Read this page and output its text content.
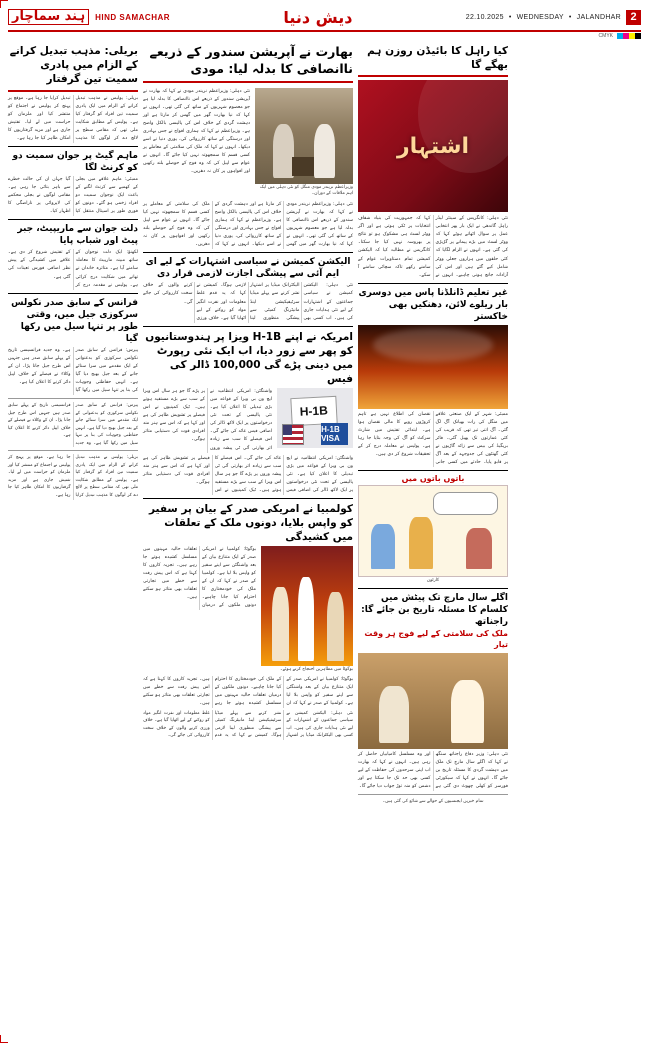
ہند سماچار	HIND SAMACHAR	دیش دنیا	22.10.2025 • WEDNESDAY • JALANDHAR 2
CMYK
بریلی: مذہب تبدیل کرانے کے الزام میں پادری سمیت تین گرفتار
بریلی: پولیس نے مذہب تبدیل کرانے کے الزام میں ایک پادری سمیت تین افراد کو گرفتار کیا ہے۔ پولیس کے مطابق شکایت ملی تھی کہ مقامی سطح پر لالچ دے کر لوگوں کا مذہب تبدیل کرایا جا رہا ہے۔ موقع پر پہنچ کر پولیس نے اجتماع کو منتشر کیا اور ملزمان کو حراست میں لے لیا۔ تفتیش جاری ہے اور مزید گرفتاریوں کا امکان ظاہر کیا جا رہا ہے۔
ماہم گیٹ پر جوان سمیت دو کو کرنٹ لگا
ممبئی: ماہم علاقے میں بجلی کے کھمبے سے کرنٹ لگنے کے باعث ایک نوجوان سمیت دو افراد زخمی ہو گئے۔ دونوں کو فوری طور پر اسپتال منتقل کیا گیا جہاں ان کی حالت خطرے سے باہر بتائی جا رہی ہے۔ مقامی لوگوں نے بجلی محکمے کی لاپروائی پر ناراضگی کا اظہار کیا۔
دلت جوان سے ماریپیٹ، جبر پیٹ اور شباب پایا
لکھنؤ: ایک دلت نوجوان کے ساتھ مبینہ مارپیٹ کا معاملہ سامنے آیا ہے۔ متاثرہ خاندان نے تھانے میں شکایت درج کرائی ہے۔ پولیس نے مقدمہ درج کر کے تفتیش شروع کر دی ہے۔ علاقے میں کشیدگی کے پیش نظر اضافی فورس تعینات کی گئی ہے۔
فرانس کے سابق صدر نکولس سرکوزی جیل میں، وقتی طور پر تنہا سیل میں رکھا گیا
پیرس: فرانس کے سابق صدر نکولس سرکوزی کو بدعنوانی کے ایک مقدمے میں سزا سنائے جانے کے بعد جیل بھیج دیا گیا ہے۔ انہیں حفاظتی وجوہات کی بنا پر تنہا سیل میں رکھا گیا ہے۔ وہ جدید فرانسیسی تاریخ کے پہلے سابق صدر ہیں جنہیں اس طرح جیل جانا پڑا۔ ان کے وکلاء نے فیصلے کے خلاف اپیل دائر کرنے کا اعلان کیا ہے۔
پیرس: فرانس کے سابق صدر نکولس سرکوزی کو بدعنوانی کے ایک مقدمے میں سزا سنائے جانے کے بعد جیل بھیج دیا گیا ہے۔ انہیں حفاظتی وجوہات کی بنا پر تنہا سیل میں رکھا گیا ہے۔ وہ جدید فرانسیسی تاریخ کے پہلے سابق صدر ہیں جنہیں اس طرح جیل جانا پڑا۔ ان کے وکلاء نے فیصلے کے خلاف اپیل دائر کرنے کا اعلان کیا ہے۔
بریلی: پولیس نے مذہب تبدیل کرانے کے الزام میں ایک پادری سمیت تین افراد کو گرفتار کیا ہے۔ پولیس کے مطابق شکایت ملی تھی کہ مقامی سطح پر لالچ دے کر لوگوں کا مذہب تبدیل کرایا جا رہا ہے۔ موقع پر پہنچ کر پولیس نے اجتماع کو منتشر کیا اور ملزمان کو حراست میں لے لیا۔ تفتیش جاری ہے اور مزید گرفتاریوں کا امکان ظاہر کیا جا رہا ہے۔
بھارت نے آپریشن سندور کے ذریعے ناانصافی کا بدلہ لیا: مودی
نئی دہلی: وزیراعظم نریندر مودی نے کہا کہ بھارت نے آپریشن سندور کے ذریعے اس ناانصافی کا بدلہ لیا ہے جو معصوم شہریوں کے ساتھ کی گئی تھی۔ انہوں نے کہا کہ نیا بھارت گھر میں گھس کر مارتا ہے اور دہشت گردی کے خلاف اس کی پالیسی بالکل واضح ہے۔ وزیراعظم نے کہا کہ ہماری افواج نے جس بہادری اور درستگی کے ساتھ کارروائی کی، پوری دنیا نے اسے دیکھا۔ انہوں نے کہا کہ ملک کی سلامتی کے معاملے پر کسی قسم کا سمجھوتہ نہیں کیا جائے گا۔ انہوں نے عوام سے اپیل کی کہ وہ فوج کے حوصلے بلند رکھیں اور افواہوں پر کان نہ دھریں۔
وزیراعظم نریندر مودی منگل کو نئی دہلی میں ایک اہم ملاقات کے دوران۔
نئی دہلی: وزیراعظم نریندر مودی نے کہا کہ بھارت نے آپریشن سندور کے ذریعے اس ناانصافی کا بدلہ لیا ہے جو معصوم شہریوں کے ساتھ کی گئی تھی۔ انہوں نے کہا کہ نیا بھارت گھر میں گھس کر مارتا ہے اور دہشت گردی کے خلاف اس کی پالیسی بالکل واضح ہے۔ وزیراعظم نے کہا کہ ہماری افواج نے جس بہادری اور درستگی کے ساتھ کارروائی کی، پوری دنیا نے اسے دیکھا۔ انہوں نے کہا کہ ملک کی سلامتی کے معاملے پر کسی قسم کا سمجھوتہ نہیں کیا جائے گا۔ انہوں نے عوام سے اپیل کی کہ وہ فوج کے حوصلے بلند رکھیں اور افواہوں پر کان نہ دھریں۔
الیکشن کمیشن نے سیاسی اشتہارات کے لیے ای ایم آئی سے پیشگی اجازت لازمی قرار دی
نئی دہلی: الیکشن کمیشن نے سیاسی جماعتوں کے اشتہارات کے لیے نئی ہدایات جاری کی ہیں۔ اب کسی بھی الیکٹرانک میڈیا پر اشتہار نشر کرنے سے پہلے میڈیا سرٹیفیکیشن اینڈ مانیٹرنگ کمیٹی سے پیشگی منظوری لینا لازمی ہوگا۔ کمیشن نے کہا کہ یہ قدم غلط معلومات اور نفرت انگیز مواد کو روکنے کے لیے اٹھایا گیا ہے۔ خلاف ورزی کرنے والوں کے خلاف سخت کارروائی کی جائے گی۔
امریکہ نے اپنے H-1B ویزا پر ہندوستانیوں کو پھر سے زور دیا، اب ایک نئی رپورٹ میں دینی پڑے گی 100,000 ڈالر کی فیس
واشنگٹن: امریکی انتظامیہ نے ایچ ون بی ویزا کے قواعد میں بڑی تبدیلی کا اعلان کیا ہے۔ نئی پالیسی کے تحت نئی درخواستوں پر ایک لاکھ ڈالر کی اضافی فیس عائد کی جائے گی۔ اس فیصلے کا سب سے زیادہ اثر بھارتی آئی ٹی پیشہ وروں پر پڑے گا جو ہر سال اس ویزا کے سب سے بڑے مستفید ہوتے ہیں۔ ٹیک کمپنیوں نے اس فیصلے پر تشویش ظاہر کی ہے اور کہا ہے کہ اس سے ہنر مند افرادی قوت کی دستیابی متاثر ہوگی۔
H-1B
H-1B VISA
واشنگٹن: امریکی انتظامیہ نے ایچ ون بی ویزا کے قواعد میں بڑی تبدیلی کا اعلان کیا ہے۔ نئی پالیسی کے تحت نئی درخواستوں پر ایک لاکھ ڈالر کی اضافی فیس عائد کی جائے گی۔ اس فیصلے کا سب سے زیادہ اثر بھارتی آئی ٹی پیشہ وروں پر پڑے گا جو ہر سال اس ویزا کے سب سے بڑے مستفید ہوتے ہیں۔ ٹیک کمپنیوں نے اس فیصلے پر تشویش ظاہر کی ہے اور کہا ہے کہ اس سے ہنر مند افرادی قوت کی دستیابی متاثر ہوگی۔
کولمبیا نے امریکی صدر کے بیان پر سفیر کو واپس بلایا، دونوں ملک کے تعلقات میں کشیدگی
بوگوٹا: کولمبیا نے امریکی صدر کے ایک متنازع بیان کے بعد واشنگٹن سے اپنے سفیر کو واپس بلا لیا ہے۔ کولمبیا کے صدر نے کہا کہ ان کے ملک کی خودمختاری کا احترام کیا جانا چاہیے۔ دونوں ملکوں کے درمیان تعلقات حالیہ مہینوں میں مسلسل کشیدہ ہوتے جا رہے ہیں۔ تجزیہ کاروں کا کہنا ہے کہ اس پیش رفت سے خطے میں تجارتی تعلقات بھی متاثر ہو سکتے ہیں۔
بوگوٹا میں مظاہرین احتجاج کرتے ہوئے۔
بوگوٹا: کولمبیا نے امریکی صدر کے ایک متنازع بیان کے بعد واشنگٹن سے اپنے سفیر کو واپس بلا لیا ہے۔ کولمبیا کے صدر نے کہا کہ ان کے ملک کی خودمختاری کا احترام کیا جانا چاہیے۔ دونوں ملکوں کے درمیان تعلقات حالیہ مہینوں میں مسلسل کشیدہ ہوتے جا رہے ہیں۔ تجزیہ کاروں کا کہنا ہے کہ اس پیش رفت سے خطے میں تجارتی تعلقات بھی متاثر ہو سکتے ہیں۔
نئی دہلی: الیکشن کمیشن نے سیاسی جماعتوں کے اشتہارات کے لیے نئی ہدایات جاری کی ہیں۔ اب کسی بھی الیکٹرانک میڈیا پر اشتہار نشر کرنے سے پہلے میڈیا سرٹیفیکیشن اینڈ مانیٹرنگ کمیٹی سے پیشگی منظوری لینا لازمی ہوگا۔ کمیشن نے کہا کہ یہ قدم غلط معلومات اور نفرت انگیز مواد کو روکنے کے لیے اٹھایا گیا ہے۔ خلاف ورزی کرنے والوں کے خلاف سخت کارروائی کی جائے گی۔
کیا راہل کا بائیڈن روزن ہم بھگے گا
اشتہار
نئی دہلی: کانگریس کے سینئر لیڈر راہل گاندھی نے ایک بار پھر انتخابی عمل پر سوال اٹھاتے ہوئے کہا کہ ووٹر لسٹ میں بڑے پیمانے پر گڑبڑی کی گئی ہے۔ انہوں نے الزام لگایا کہ کئی حلقوں میں ہزاروں جعلی ووٹر شامل کیے گئے ہیں اور اس کی آزادانہ جانچ ہونی چاہیے۔ انہوں نے کہا کہ جمہوریت کی بنیاد شفاف انتخابات پر ٹکی ہوتی ہے اور اگر ووٹر لسٹ ہی مشکوک ہو تو نتائج پر بھروسہ نہیں کیا جا سکتا۔ کانگریس نے مطالبہ کیا کہ الیکشن کمیشن تمام دستاویزات عوام کے سامنے رکھے تاکہ سچائی سامنے آ سکے۔
غیر تعلیم ڈانلڈنا پاس میں دوسری بار ریلوے لائن، دھنکیں بھی خاکستر
ممبئی: شہر کے ایک صنعتی علاقے میں منگل کی رات بھیانک آگ لگ گئی۔ آگ اتنی تیز تھی کہ قریب کی کئی عمارتوں تک پھیل گئی۔ فائر بریگیڈ کی بیس سے زائد گاڑیوں نے کئی گھنٹوں کی جدوجہد کے بعد آگ پر قابو پایا۔ حادثے میں کسی جانی نقصان کی اطلاع نہیں ہے تاہم کروڑوں روپے کا مالی نقصان ہوا ہے۔ ابتدائی تفتیش میں شارٹ سرکٹ کو آگ کی وجہ بتایا جا رہا ہے۔ پولیس نے معاملہ درج کر کے تحقیقات شروع کر دی ہیں۔
باتوں باتوں میں
کارٹون
اگلے سال مارچ تک پیٹش میں کلسام کا مسئلہ تاریخ بن جائے گا: راجناتھ
ملک کی سلامتی کے لیے فوج ہر وقت تیار
نئی دہلی: وزیر دفاع راجناتھ سنگھ نے کہا کہ اگلے سال مارچ تک ملک میں دہشت گردی کا مسئلہ تاریخ بن جائے گا۔ انہوں نے کہا کہ سیکورٹی فورسز کو کھلی چھوٹ دی گئی ہے اور وہ مسلسل کامیابیاں حاصل کر رہی ہیں۔ انہوں نے کہا کہ بھارت اب اپنی سرحدوں کی حفاظت کے لیے کسی بھی حد تک جا سکتا ہے اور دشمن کو منہ توڑ جواب دیا جائے گا۔
تمام خبریں ایجنسیوں کے حوالے سے شائع کی گئی ہیں۔
